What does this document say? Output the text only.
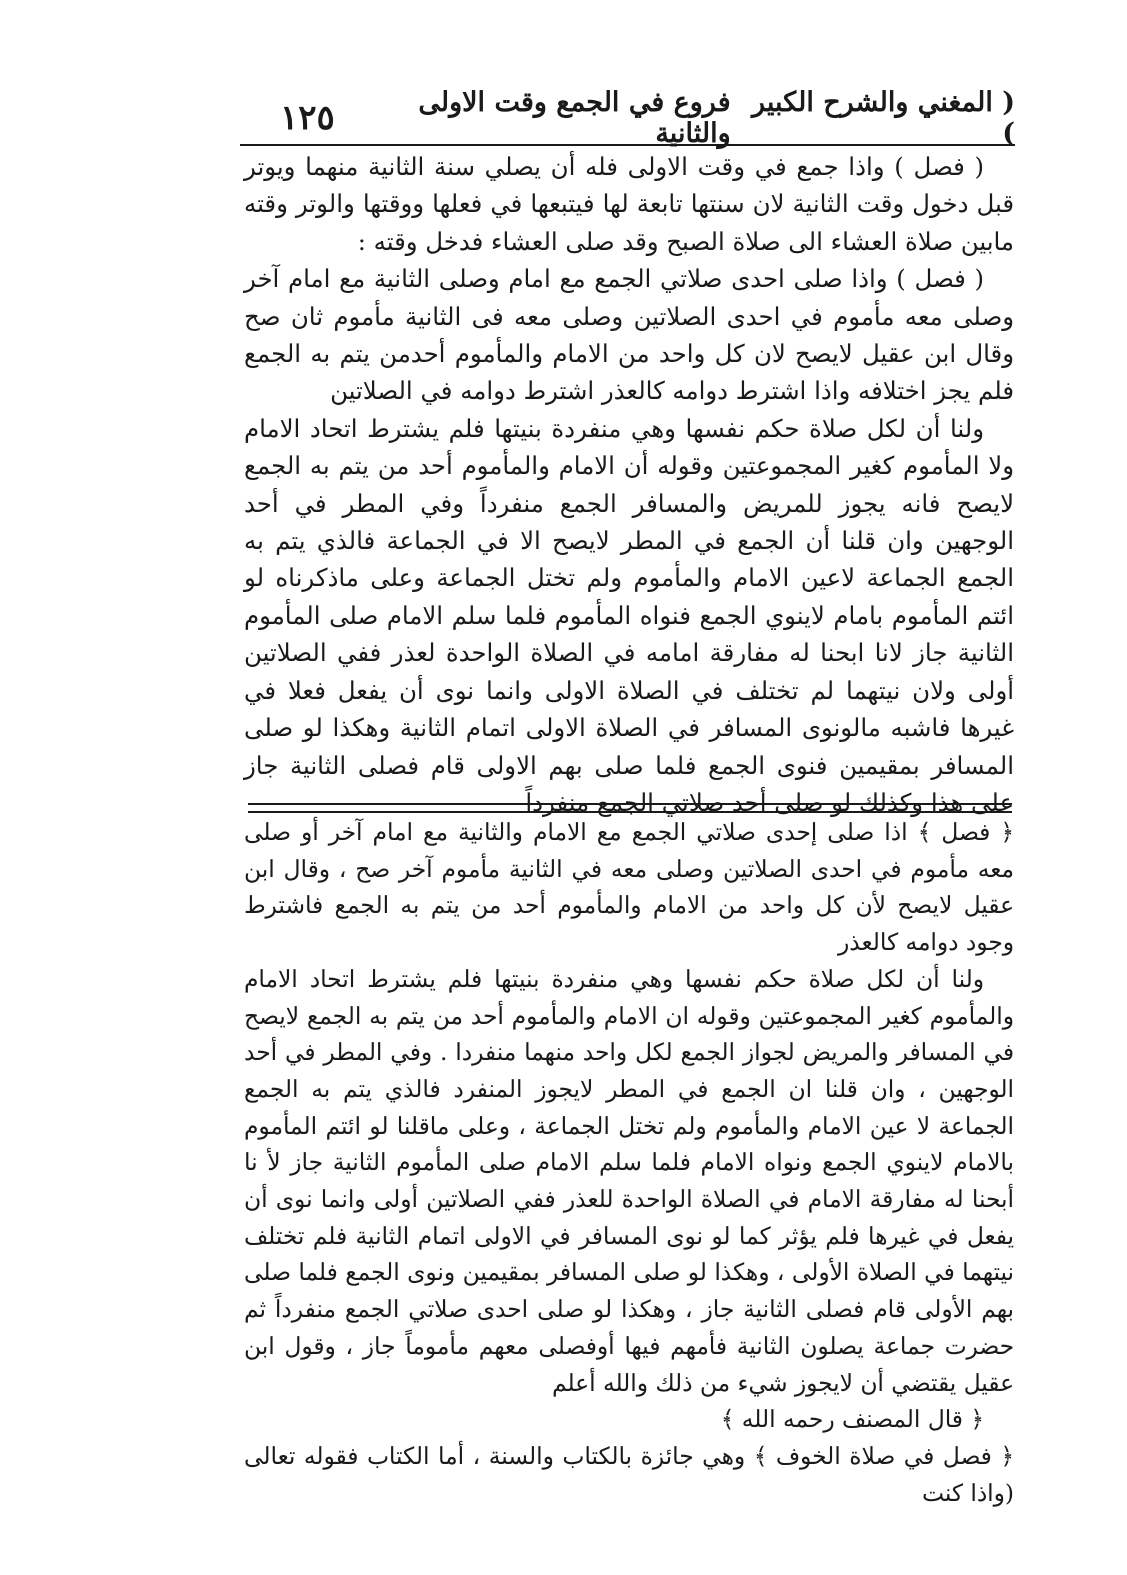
( المغني والشرح الكبير )
فروع في الجمع وقت الاولى والثانية
١٢٥

( فصل ) واذا جمع في وقت الاولى فله أن يصلي سنة الثانية منهما ويوتر قبل دخول وقت الثانية لان سنتها تابعة لها فيتبعها في فعلها ووقتها والوتر وقته مابين صلاة العشاء الى صلاة الصبح وقد صلى العشاء فدخل وقته :

( فصل ) واذا صلى احدى صلاتي الجمع مع امام وصلى الثانية مع امام آخر وصلى معه مأموم في احدى الصلاتين وصلى معه فى الثانية مأموم ثان صح وقال ابن عقيل لايصح لان كل واحد من الامام والمأموم أحدمن يتم به الجمع فلم يجز اختلافه واذا اشترط دوامه كالعذر اشترط دوامه في الصلاتين

ولنا أن لكل صلاة حكم نفسها وهي منفردة بنيتها فلم يشترط اتحاد الامام ولا المأموم كغير المجموعتين وقوله أن الامام والمأموم أحد من يتم به الجمع لايصح فانه يجوز للمريض والمسافر الجمع منفرداً وفي المطر في أحد الوجهين وان قلنا أن الجمع في المطر لايصح الا في الجماعة فالذي يتم به الجمع الجماعة لاعين الامام والمأموم ولم تختل الجماعة وعلى ماذكرناه لو ائتم المأموم بامام لاينوي الجمع فنواه المأموم فلما سلم الامام صلى المأموم الثانية جاز لانا ابحنا له مفارقة امامه في الصلاة الواحدة لعذر ففي الصلاتين أولى ولان نيتهما لم تختلف في الصلاة الاولى وانما نوى أن يفعل فعلا في غيرها فاشبه مالونوى المسافر في الصلاة الاولى اتمام الثانية وهكذا لو صلى المسافر بمقيمين فنوى الجمع فلما صلى بهم الاولى قام فصلى الثانية جاز على هذا وكذلك لو صلى أحد صلاتي الجمع منفرداً

﴿ فصل ﴾ اذا صلى إحدى صلاتي الجمع مع الامام والثانية مع امام آخر أو صلى معه مأموم في احدى الصلاتين وصلى معه في الثانية مأموم آخر صح ، وقال ابن عقيل لايصح لأن كل واحد من الامام والمأموم أحد من يتم به الجمع فاشترط وجود دوامه كالعذر

ولنا أن لكل صلاة حكم نفسها وهي منفردة بنيتها فلم يشترط اتحاد الامام والمأموم كغير المجموعتين وقوله ان الامام والمأموم أحد من يتم به الجمع لايصح في المسافر والمريض لجواز الجمع لكل واحد منهما منفردا . وفي المطر في أحد الوجهين ، وان قلنا ان الجمع في المطر لايجوز المنفرد فالذي يتم به الجمع الجماعة لا عين الامام والمأموم ولم تختل الجماعة ، وعلى ماقلنا لو ائتم المأموم بالامام لاينوي الجمع ونواه الامام فلما سلم الامام صلى المأموم الثانية جاز لأ نا أبحنا له مفارقة الامام في الصلاة الواحدة للعذر ففي الصلاتين أولى وانما نوى أن يفعل في غيرها فلم يؤثر كما لو نوى المسافر في الاولى اتمام الثانية فلم تختلف نيتهما في الصلاة الأولى ، وهكذا لو صلى المسافر بمقيمين ونوى الجمع فلما صلى بهم الأولى قام فصلى الثانية جاز ، وهكذا لو صلى احدى صلاتي الجمع منفرداً ثم حضرت جماعة يصلون الثانية فأمهم فيها أوفصلى معهم مأموماً جاز ، وقول ابن عقيل يقتضي أن لايجوز شيء من ذلك والله أعلم

﴿ قال المصنف رحمه الله ﴾

﴿ فصل في صلاة الخوف ﴾ وهي جائزة بالكتاب والسنة ، أما الكتاب فقوله تعالى (واذا كنت
